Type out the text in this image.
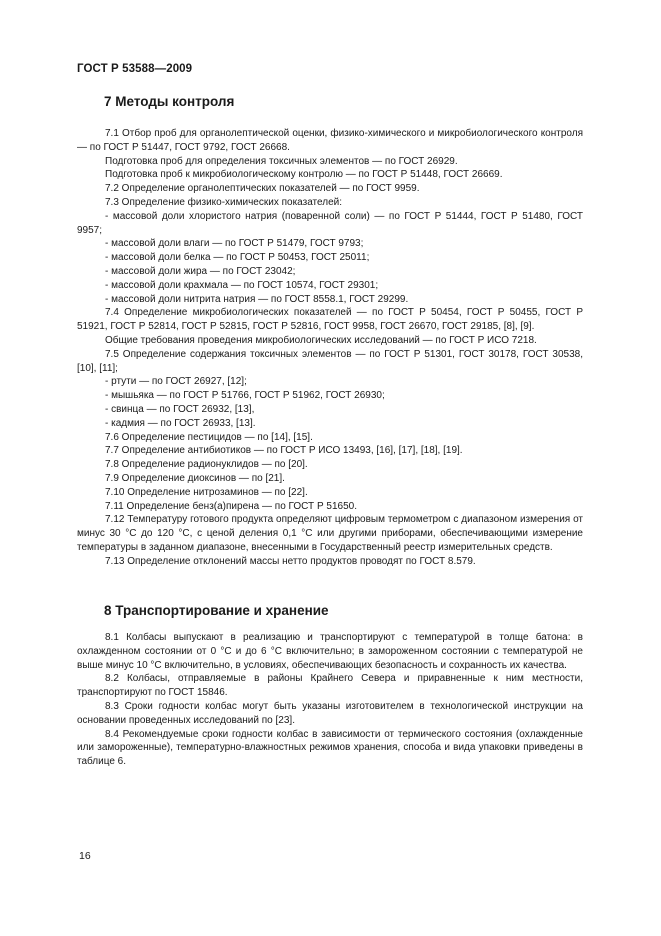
ГОСТ Р 53588—2009
7 Методы контроля

7.1 Отбор проб для органолептической оценки, физико-химического и микробиологического контроля — по ГОСТ Р 51447, ГОСТ 9792, ГОСТ 26668.

Подготовка проб для определения токсичных элементов — по ГОСТ 26929.

Подготовка проб к микробиологическому контролю — по ГОСТ Р 51448, ГОСТ 26669.

7.2 Определение органолептических показателей — по ГОСТ 9959.

7.3 Определение физико-химических показателей:

- массовой доли хлористого натрия (поваренной соли) — по ГОСТ Р 51444, ГОСТ Р 51480, ГОСТ 9957;

- массовой доли влаги — по ГОСТ Р 51479, ГОСТ 9793;

- массовой доли белка — по ГОСТ Р 50453, ГОСТ 25011;

- массовой доли жира — по ГОСТ 23042;

- массовой доли крахмала — по ГОСТ 10574, ГОСТ 29301;

- массовой доли нитрита натрия — по ГОСТ 8558.1, ГОСТ 29299.

7.4 Определение микробиологических показателей — по ГОСТ Р 50454, ГОСТ Р 50455, ГОСТ Р 51921, ГОСТ Р 52814, ГОСТ Р 52815, ГОСТ Р 52816, ГОСТ 9958, ГОСТ 26670, ГОСТ 29185, [8], [9].

Общие требования проведения микробиологических исследований — по ГОСТ Р ИСО 7218.

7.5 Определение содержания токсичных элементов — по ГОСТ Р 51301, ГОСТ 30178, ГОСТ 30538, [10], [11];

- ртути — по ГОСТ 26927, [12];

- мышьяка — по ГОСТ Р 51766, ГОСТ Р 51962, ГОСТ 26930;

- свинца — по ГОСТ 26932, [13],

- кадмия — по ГОСТ 26933, [13].

7.6 Определение пестицидов — по [14], [15].

7.7 Определение антибиотиков — по ГОСТ Р ИСО 13493, [16], [17], [18], [19].

7.8 Определение радионуклидов — по [20].

7.9 Определение диоксинов — по [21].

7.10 Определение нитрозаминов — по [22].

7.11 Определение бенз(а)пирена — по ГОСТ Р 51650.

7.12 Температуру готового продукта определяют цифровым термометром с диапазоном измерения от минус 30 °С до 120 °С, с ценой деления 0,1 °С или другими приборами, обеспечивающими измерение температуры в заданном диапазоне, внесенными в Государственный реестр измерительных средств.

7.13 Определение отклонений массы нетто продуктов проводят по ГОСТ 8.579.

8 Транспортирование и хранение

8.1 Колбасы выпускают в реализацию и транспортируют с температурой в толще батона: в охлажденном состоянии от 0 °С и до 6 °С включительно; в замороженном состоянии с температурой не выше минус 10 °С включительно, в условиях, обеспечивающих безопасность и сохранность их качества.

8.2 Колбасы, отправляемые в районы Крайнего Севера и приравненные к ним местности, транспортируют по ГОСТ 15846.

8.3 Сроки годности колбас могут быть указаны изготовителем в технологической инструкции на основании проведенных исследований по [23].

8.4 Рекомендуемые сроки годности колбас в зависимости от термического состояния (охлажденные или замороженные), температурно-влажностных режимов хранения, способа и вида упаковки приведены в таблице 6.

16
